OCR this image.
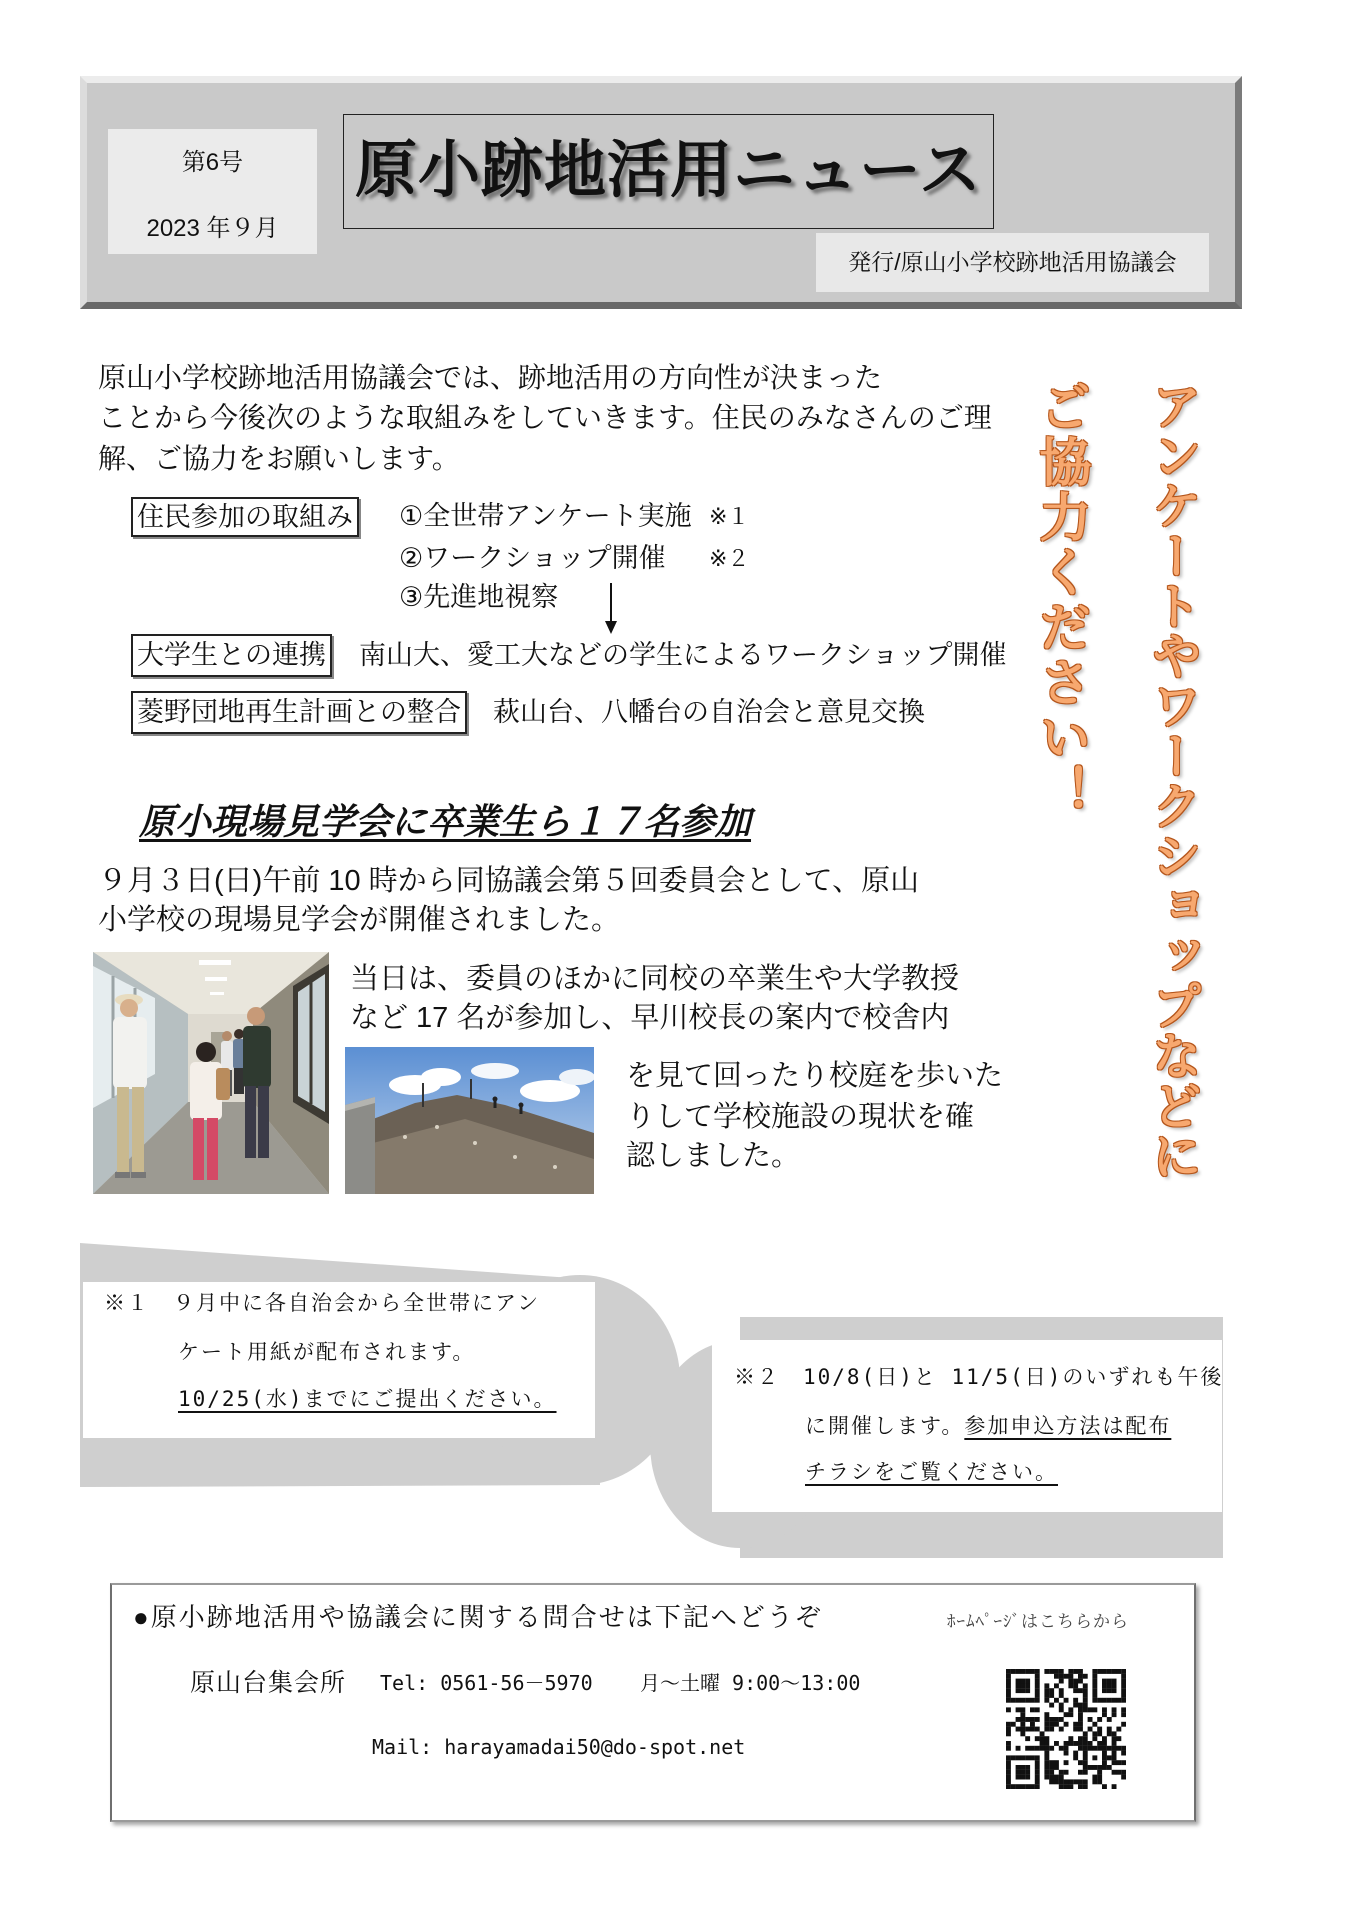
第6号
2023 年９月
原小跡地活用ニュース
発行/原山小学校跡地活用協議会
原山小学校跡地活用協議会では、跡地活用の方向性が決まった
ことから今後次のような取組みをしていきます。住民のみなさんのご理
解、ご協力をお願いします。	アンケートやワークショップなどに
ご協力ください！
住民参加の取組み ①全世帯アンケート実施 ※１
②ワークショップ開催 ※２
③先進地視察
大学生との連携 南山大、愛工大などの学生によるワークショップ開催
菱野団地再生計画との整合 萩山台、八幡台の自治会と意見交換
原小現場見学会に卒業生ら１７名参加
９月３日(日)午前 10 時から同協議会第５回委員会として、原山
小学校の現場見学会が開催されました。
当日は、委員のほかに同校の卒業生や大学教授
など 17 名が参加し、早川校長の案内で校舎内
を見て回ったり校庭を歩いた
りして学校施設の現状を確
認しました。
※１　９月中に各自治会から全世帯にアン
ケート用紙が配布されます。
10/25(水)までにご提出ください。
※２　10/8(日)と 11/5(日)のいずれも午後
に開催します。参加申込方法は配布
チラシをご覧ください。
●原小跡地活用や協議会に関する問合せは下記へどうぞ	ﾎｰﾑﾍﾟｰｼﾞはこちらから
原山台集会所 Tel: 0561-56－5970 月～土曜 9:00～13:00
Mail: harayamadai50@do-spot.net
